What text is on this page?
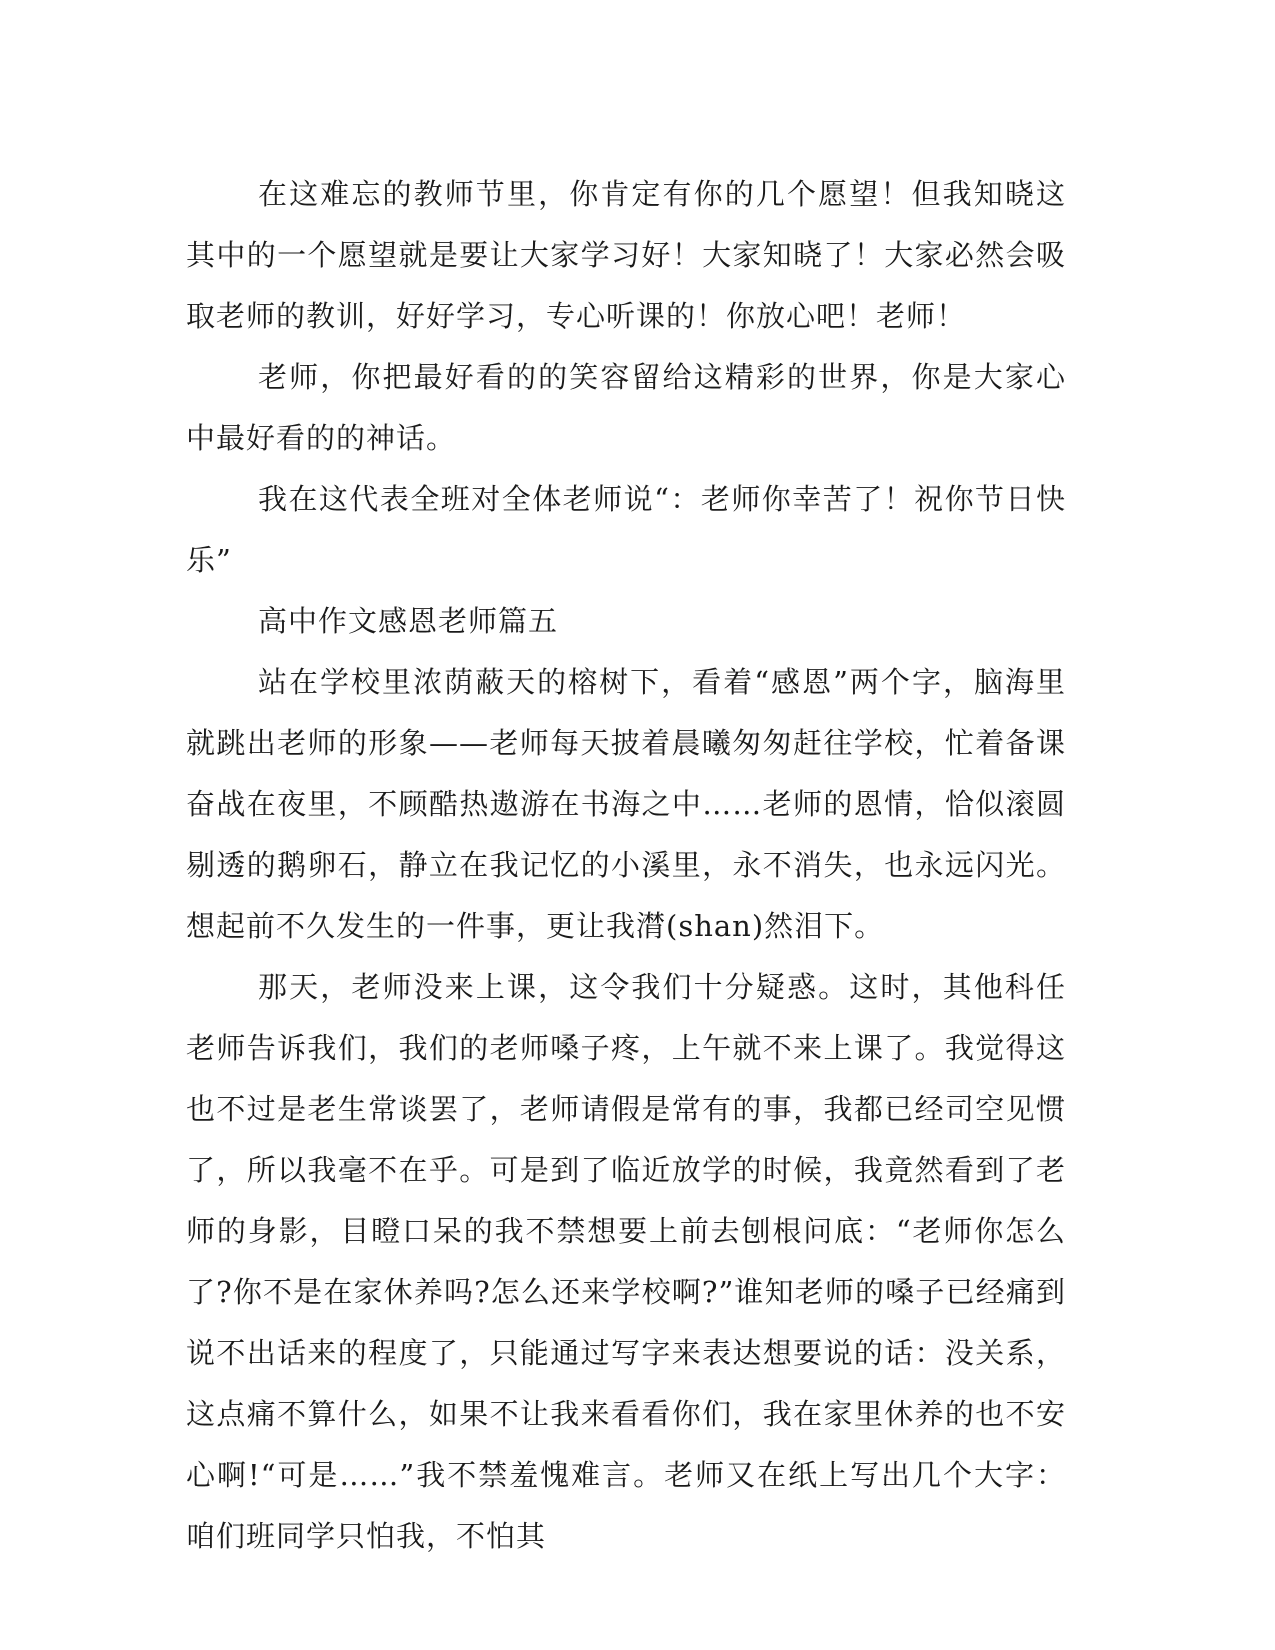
在这难忘的教师节里，你肯定有你的几个愿望！但我知晓这其中的一个愿望就是要让大家学习好！大家知晓了！大家必然会吸取老师的教训，好好学习，专心听课的！你放心吧！老师！

老师，你把最好看的的笑容留给这精彩的世界，你是大家心中最好看的的神话。

我在这代表全班对全体老师说“：老师你幸苦了！祝你节日快乐”

高中作文感恩老师篇五

站在学校里浓荫蔽天的榕树下，看着“感恩”两个字，脑海里就跳出老师的形象——老师每天披着晨曦匆匆赶往学校，忙着备课奋战在夜里，不顾酷热遨游在书海之中……老师的恩情，恰似滚圆剔透的鹅卵石，静立在我记忆的小溪里，永不消失，也永远闪光。想起前不久发生的一件事，更让我潸(shan)然泪下。

那天，老师没来上课，这令我们十分疑惑。这时，其他科任老师告诉我们，我们的老师嗓子疼，上午就不来上课了。我觉得这也不过是老生常谈罢了，老师请假是常有的事，我都已经司空见惯了，所以我毫不在乎。可是到了临近放学的时候，我竟然看到了老师的身影，目瞪口呆的我不禁想要上前去刨根问底：“老师你怎么了?你不是在家休养吗?怎么还来学校啊?”谁知老师的嗓子已经痛到说不出话来的程度了，只能通过写字来表达想要说的话：没关系，这点痛不算什么，如果不让我来看看你们，我在家里休养的也不安心啊!“可是……”我不禁羞愧难言。老师又在纸上写出几个大字：咱们班同学只怕我，不怕其
